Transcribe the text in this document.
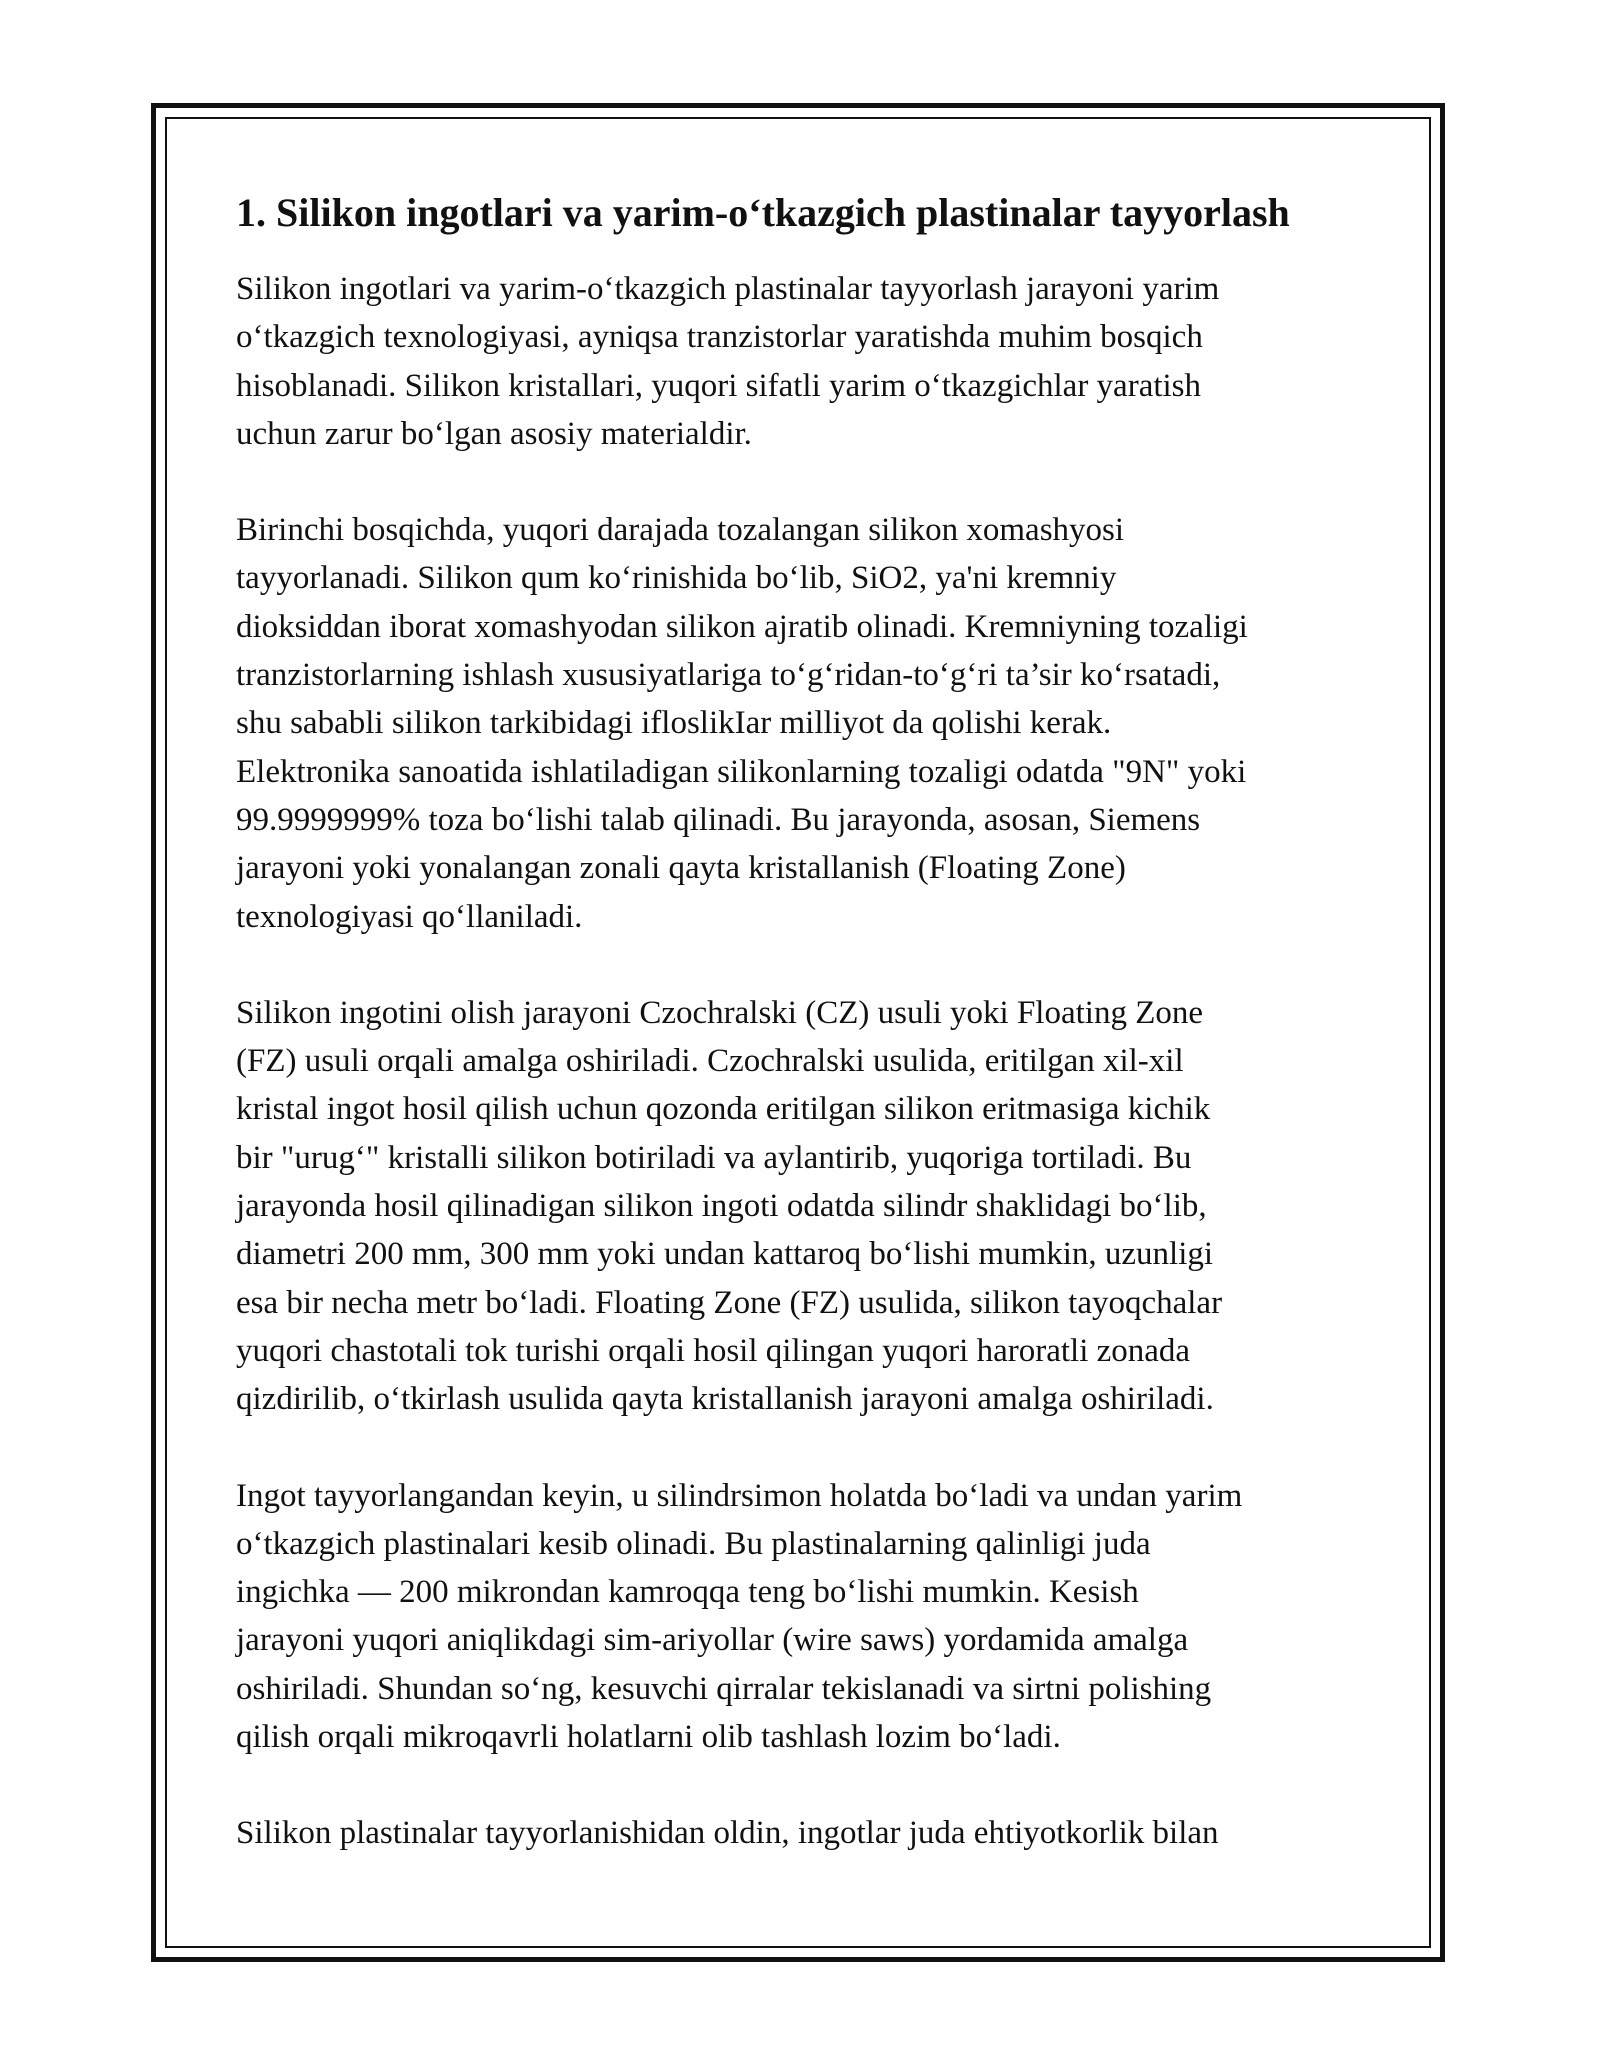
1. Silikon ingotlari va yarim-o‘tkazgich plastinalar tayyorlash

Silikon ingotlari va yarim-o‘tkazgich plastinalar tayyorlash jarayoni yarim
o‘tkazgich texnologiyasi, ayniqsa tranzistorlar yaratishda muhim bosqich
hisoblanadi. Silikon kristallari, yuqori sifatli yarim o‘tkazgichlar yaratish
uchun zarur bo‘lgan asosiy materialdir.

Birinchi bosqichda, yuqori darajada tozalangan silikon xomashyosi
tayyorlanadi. Silikon qum ko‘rinishida bo‘lib, SiO2, ya'ni kremniy
dioksiddan iborat xomashyodan silikon ajratib olinadi. Kremniyning tozaligi
tranzistorlarning ishlash xususiyatlariga to‘g‘ridan-to‘g‘ri ta’sir ko‘rsatadi,
shu sababli silikon tarkibidagi ifloslikIar milliyot da qolishi kerak.
Elektronika sanoatida ishlatiladigan silikonlarning tozaligi odatda "9N" yoki
99.9999999% toza bo‘lishi talab qilinadi. Bu jarayonda, asosan, Siemens
jarayoni yoki yonalangan zonali qayta kristallanish (Floating Zone)
texnologiyasi qo‘llaniladi.

Silikon ingotini olish jarayoni Czochralski (CZ) usuli yoki Floating Zone
(FZ) usuli orqali amalga oshiriladi. Czochralski usulida, eritilgan xil-xil
kristal ingot hosil qilish uchun qozonda eritilgan silikon eritmasiga kichik
bir "urug‘" kristalli silikon botiriladi va aylantirib, yuqoriga tortiladi. Bu
jarayonda hosil qilinadigan silikon ingoti odatda silindr shaklidagi bo‘lib,
diametri 200 mm, 300 mm yoki undan kattaroq bo‘lishi mumkin, uzunligi
esa bir necha metr bo‘ladi. Floating Zone (FZ) usulida, silikon tayoqchalar
yuqori chastotali tok turishi orqali hosil qilingan yuqori haroratli zonada
qizdirilib, o‘tkirlash usulida qayta kristallanish jarayoni amalga oshiriladi.

Ingot tayyorlangandan keyin, u silindrsimon holatda bo‘ladi va undan yarim
o‘tkazgich plastinalari kesib olinadi. Bu plastinalarning qalinligi juda
ingichka — 200 mikrondan kamroqqa teng bo‘lishi mumkin. Kesish
jarayoni yuqori aniqlikdagi sim-ariyollar (wire saws) yordamida amalga
oshiriladi. Shundan so‘ng, kesuvchi qirralar tekislanadi va sirtni polishing
qilish orqali mikroqavrli holatlarni olib tashlash lozim bo‘ladi.

Silikon plastinalar tayyorlanishidan oldin, ingotlar juda ehtiyotkorlik bilan
